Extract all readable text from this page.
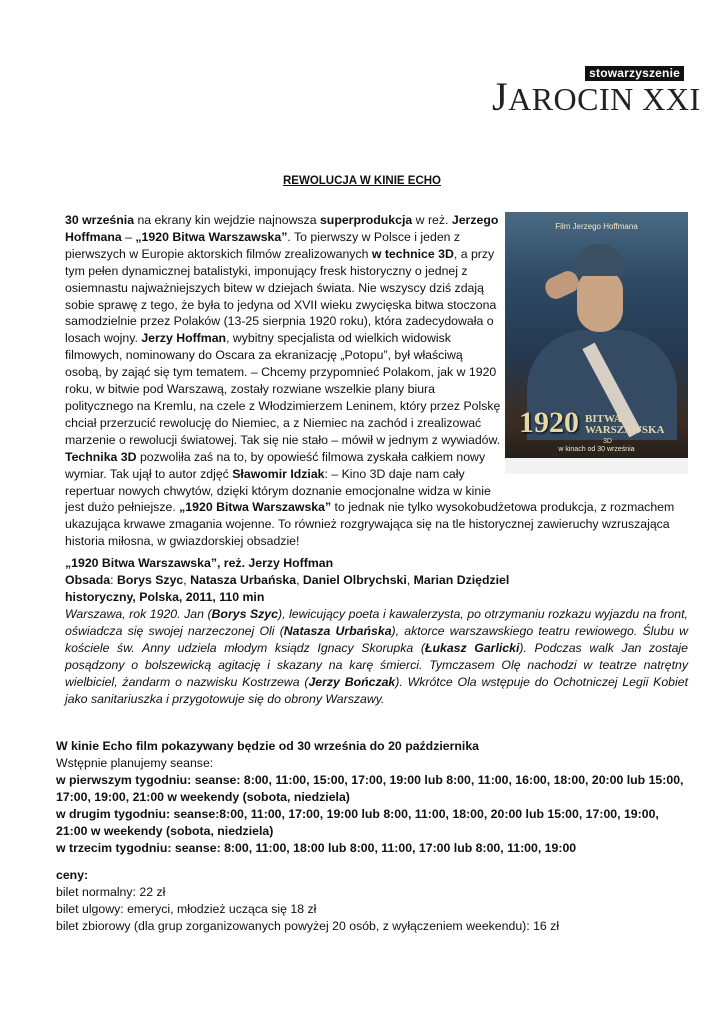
stowarzyszenie
JAROCIN XXI
REWOLUCJA W KINIE ECHO
Film Jerzego Hoffmana
1920 BITWA
WARSZAWSKA
3D
w kinach od 30 września

30 września na ekrany kin wejdzie najnowsza superprodukcja w reż. Jerzego Hoffmana – „1920 Bitwa Warszawska”. To pierwszy w Polsce i jeden z pierwszych w Europie aktorskich filmów zrealizowanych w technice 3D, a przy tym pełen dynamicznej batalistyki, imponujący fresk historyczny o jednej z osiemnastu najważniejszych bitew w dziejach świata. Nie wszyscy dziś zdają sobie sprawę z tego, że była to jedyna od XVII wieku zwycięska bitwa stoczona samodzielnie przez Polaków (13-25 sierpnia 1920 roku), która zadecydowała o losach wojny. Jerzy Hoffman, wybitny specjalista od wielkich widowisk filmowych, nominowany do Oscara za ekranizację „Potopu”, był właściwą osobą, by zająć się tym tematem. – Chcemy przypomnieć Polakom, jak w 1920 roku, w bitwie pod Warszawą, zostały rozwiane wszelkie plany biura politycznego na Kremlu, na czele z Włodzimierzem Leninem, który przez Polskę chciał przerzucić rewolucję do Niemiec, a z Niemiec na zachód i zrealizować marzenie o rewolucji światowej. Tak się nie stało – mówił w jednym z wywiadów. Technika 3D pozwoliła zaś na to, by opowieść filmowa zyskała całkiem nowy wymiar. Tak ujął to autor zdjęć Sławomir Idziak: – Kino 3D daje nam cały repertuar nowych chwytów, dzięki którym doznanie emocjonalne widza w kinie jest dużo pełniejsze. „1920 Bitwa Warszawska” to jednak nie tylko wysokobudżetowa produkcja, z rozmachem ukazująca krwawe zmagania wojenne. To również rozgrywająca się na tle historycznej zawieruchy wzruszająca historia miłosna, w gwiazdorskiej obsadzie!

„1920 Bitwa Warszawska”, reż. Jerzy Hoffman

Obsada: Borys Szyc, Natasza Urbańska, Daniel Olbrychski, Marian Dziędziel

historyczny, Polska, 2011, 110 min

Warszawa, rok 1920. Jan (Borys Szyc), lewicujący poeta i kawalerzysta, po otrzymaniu rozkazu wyjazdu na front, oświadcza się swojej narzeczonej Oli (Natasza Urbańska), aktorce warszawskiego teatru rewiowego. Ślubu w kościele św. Anny udziela młodym ksiądz Ignacy Skorupka (Łukasz Garlicki). Podczas walk Jan zostaje posądzony o bolszewicką agitację i skazany na karę śmierci. Tymczasem Olę nachodzi w teatrze natrętny wielbiciel, żandarm o nazwisku Kostrzewa (Jerzy Bończak). Wkrótce Ola wstępuje do Ochotniczej Legii Kobiet jako sanitariuszka i przygotowuje się do obrony Warszawy.

W kinie Echo film pokazywany będzie od 30 września do 20 października

Wstępnie planujemy seanse:

w pierwszym tygodniu: seanse: 8:00, 11:00, 15:00, 17:00, 19:00 lub 8:00, 11:00, 16:00, 18:00, 20:00 lub 15:00, 17:00, 19:00, 21:00 w weekendy (sobota, niedziela)

w drugim tygodniu: seanse:8:00, 11:00, 17:00, 19:00 lub 8:00, 11:00, 18:00, 20:00 lub 15:00, 17:00, 19:00, 21:00 w weekendy (sobota, niedziela)

w trzecim tygodniu: seanse: 8:00, 11:00, 18:00 lub 8:00, 11:00, 17:00 lub 8:00, 11:00, 19:00

ceny:

bilet normalny: 22 zł

bilet ulgowy: emeryci, młodzież ucząca się 18 zł

bilet zbiorowy (dla grup zorganizowanych powyżej 20 osób, z wyłączeniem weekendu): 16 zł
